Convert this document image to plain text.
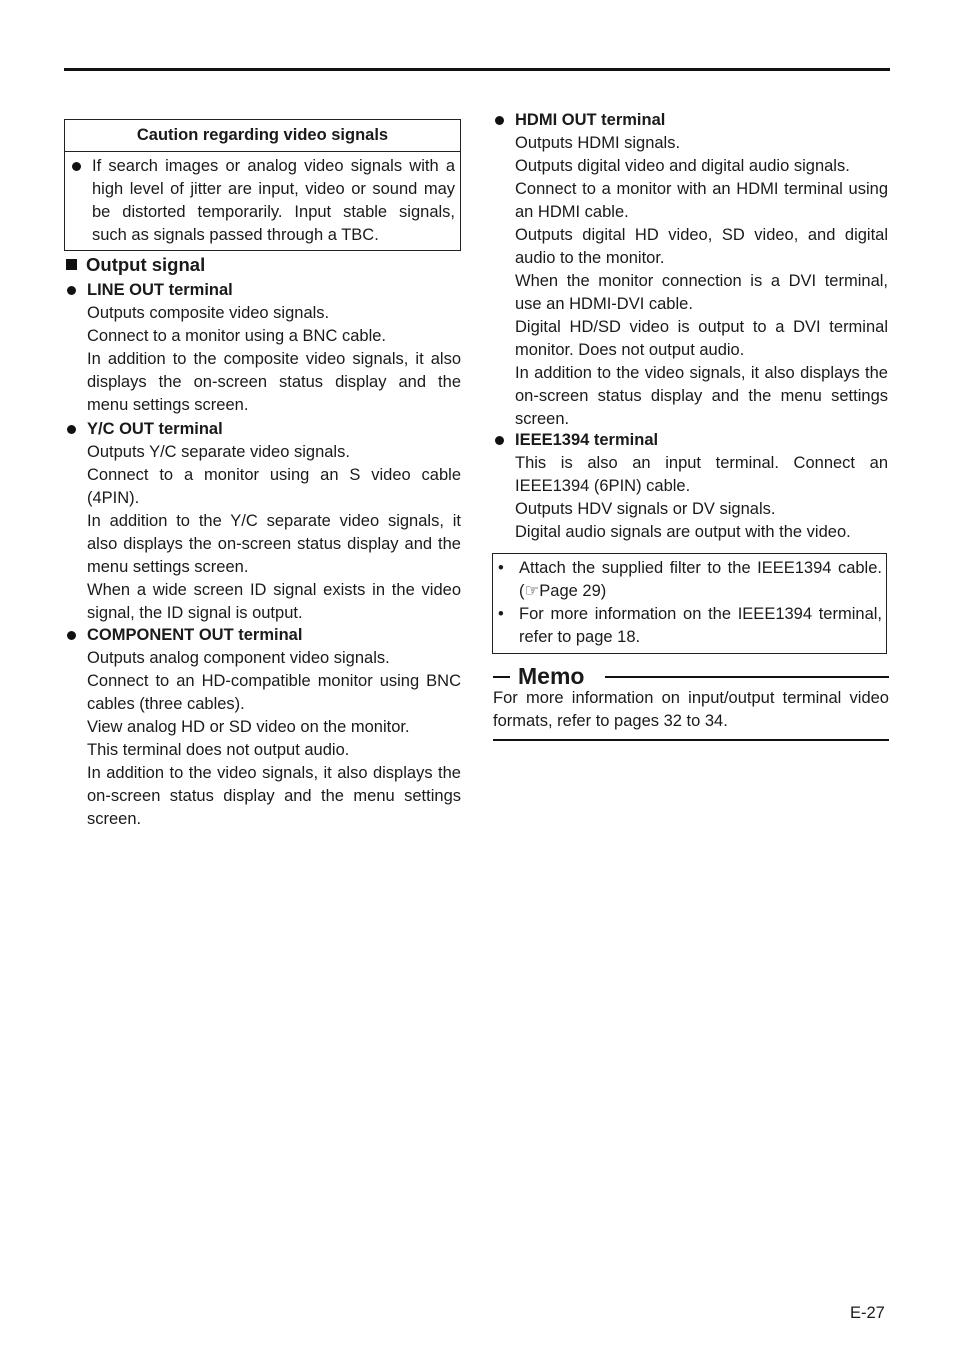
Caution regarding video signals
If search images or analog video signals with a high level of jitter are input, video or sound may be distorted temporarily. Input stable signals, such as signals passed through a TBC.
Output signal
LINE OUT terminal

Outputs composite video signals.

Connect to a monitor using a BNC cable.

In addition to the composite video signals, it also displays the on-screen status display and the menu settings screen.

Y/C OUT terminal

Outputs Y/C separate video signals.

Connect to a monitor using an S video cable (4PIN).

In addition to the Y/C separate video signals, it also displays the on-screen status display and the menu settings screen.

When a wide screen ID signal exists in the video signal, the ID signal is output.

COMPONENT OUT terminal

Outputs analog component video signals.

Connect to an HD-compatible monitor using BNC cables (three cables).

View analog HD or SD video on the monitor.

This terminal does not output audio.

In addition to the video signals, it also displays the on-screen status display and the menu settings screen.

HDMI OUT terminal

Outputs HDMI signals.

Outputs digital video and digital audio signals.

Connect to a monitor with an HDMI terminal using an HDMI cable.

Outputs digital HD video, SD video, and digital audio to the monitor.

When the monitor connection is a DVI terminal, use an HDMI-DVI cable.

Digital HD/SD video is output to a DVI terminal monitor. Does not output audio.

In addition to the video signals, it also displays the on-screen status display and the menu settings screen.

IEEE1394 terminal

This is also an input terminal. Connect an IEEE1394 (6PIN) cable.

Outputs HDV signals or DV signals.

Digital audio signals are output with the video.

• Attach the supplied filter to the IEEE1394 cable. (☞Page 29)
• For more information on the IEEE1394 terminal, refer to page 18.
Memo
For more information on input/output terminal video formats, refer to pages 32 to 34.
E-27
